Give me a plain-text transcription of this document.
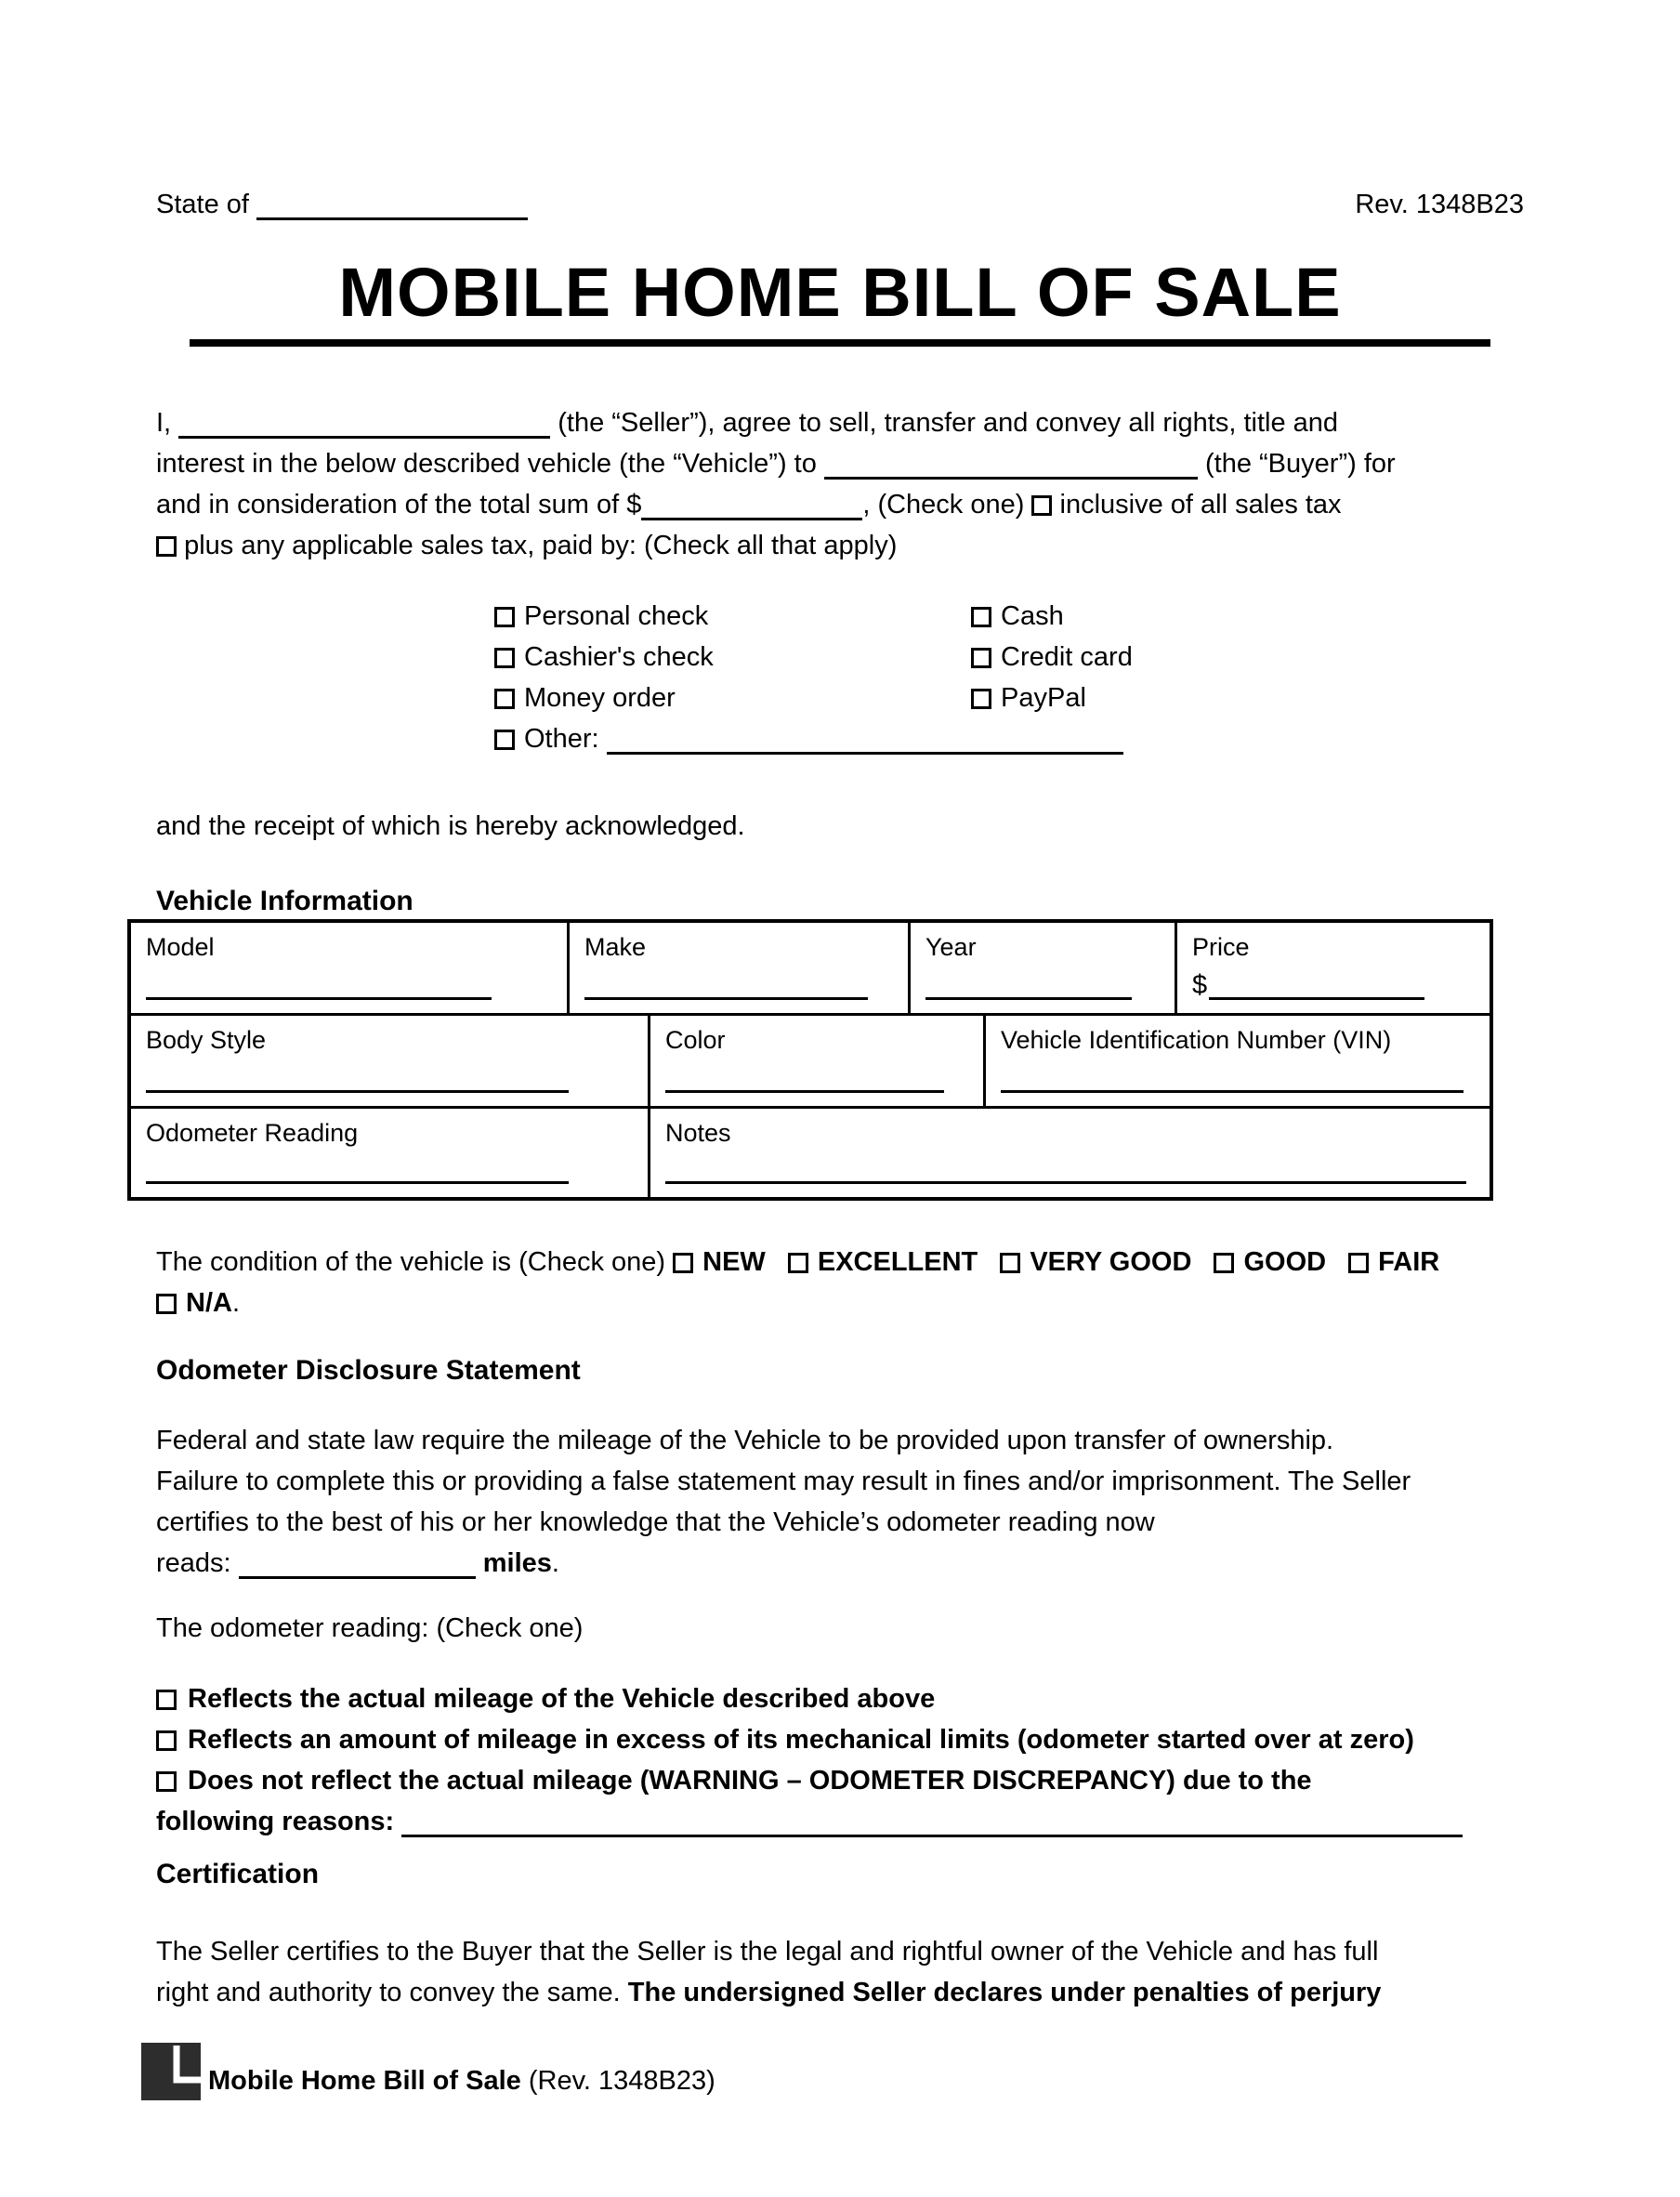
State of	Rev. 1348B23
MOBILE HOME BILL OF SALE
I,	(the “Seller”), agree to sell, transfer and convey all rights, title and
interest in the below described vehicle (the “Vehicle”) to	(the “Buyer”) for
and in consideration of the total sum of $	, (Check one) inclusive of all sales tax
plus any applicable sales tax, paid by: (Check all that apply)
Personal check	Cash
Cashier's check	Credit card
Money order	PayPal
Other:
and the receipt of which is hereby acknowledged.
Vehicle Information
Model	Make	Year	Price
$
Body Style	Color	Vehicle Identification Number (VIN)
Odometer Reading	Notes
The condition of the vehicle is (Check one) NEW EXCELLENT VERY GOOD GOOD FAIR
N/A.
Odometer Disclosure Statement
Federal and state law require the mileage of the Vehicle to be provided upon transfer of ownership.
Failure to complete this or providing a false statement may result in fines and/or imprisonment. The Seller
certifies to the best of his or her knowledge that the Vehicle’s odometer reading now
reads:	miles.
The odometer reading: (Check one)
Reflects the actual mileage of the Vehicle described above
Reflects an amount of mileage in excess of its mechanical limits (odometer started over at zero)
Does not reflect the actual mileage (WARNING – ODOMETER DISCREPANCY) due to the
following reasons:
Certification
The Seller certifies to the Buyer that the Seller is the legal and rightful owner of the Vehicle and has full
right and authority to convey the same. The undersigned Seller declares under penalties of perjury
Mobile Home Bill of Sale (Rev. 1348B23)
